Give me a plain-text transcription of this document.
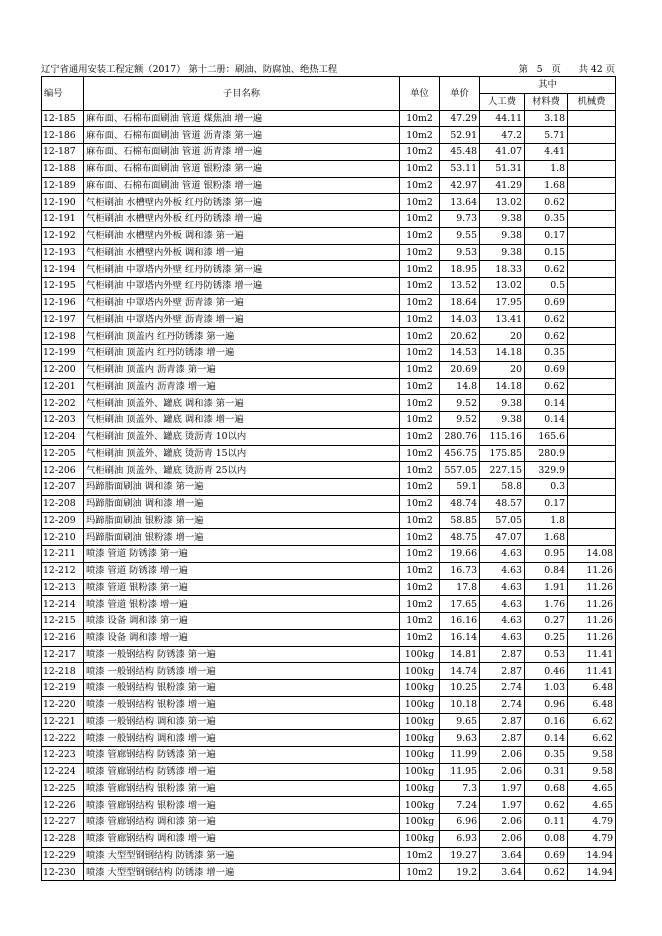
辽宁省通用安装工程定额（2017） 第十二册：刷油、防腐蚀、绝热工程	第 5 页 共 42 页
编号	子目名称	单位	单价	其中		
				人工费	材料费	机械费
12-185	麻布面、石棉布面刷油 管道 煤焦油 增一遍	10m2	47.29	44.11	3.18	
12-186	麻布面、石棉布面刷油 管道 沥青漆 第一遍	10m2	52.91	47.2	5.71	
12-187	麻布面、石棉布面刷油 管道 沥青漆 增一遍	10m2	45.48	41.07	4.41	
12-188	麻布面、石棉布面刷油 管道 银粉漆 第一遍	10m2	53.11	51.31	1.8	
12-189	麻布面、石棉布面刷油 管道 银粉漆 增一遍	10m2	42.97	41.29	1.68	
12-190	气柜刷油 水槽壁内外板 红丹防锈漆 第一遍	10m2	13.64	13.02	0.62	
12-191	气柜刷油 水槽壁内外板 红丹防锈漆 增一遍	10m2	9.73	9.38	0.35	
12-192	气柜刷油 水槽壁内外板 调和漆 第一遍	10m2	9.55	9.38	0.17	
12-193	气柜刷油 水槽壁内外板 调和漆 增一遍	10m2	9.53	9.38	0.15	
12-194	气柜刷油 中罩塔内外壁 红丹防锈漆 第一遍	10m2	18.95	18.33	0.62	
12-195	气柜刷油 中罩塔内外壁 红丹防锈漆 增一遍	10m2	13.52	13.02	0.5	
12-196	气柜刷油 中罩塔内外壁 沥青漆 第一遍	10m2	18.64	17.95	0.69	
12-197	气柜刷油 中罩塔内外壁 沥青漆 增一遍	10m2	14.03	13.41	0.62	
12-198	气柜刷油 顶盖内 红丹防锈漆 第一遍	10m2	20.62	20	0.62	
12-199	气柜刷油 顶盖内 红丹防锈漆 增一遍	10m2	14.53	14.18	0.35	
12-200	气柜刷油 顶盖内 沥青漆 第一遍	10m2	20.69	20	0.69	
12-201	气柜刷油 顶盖内 沥青漆 增一遍	10m2	14.8	14.18	0.62	
12-202	气柜刷油 顶盖外、罐底 调和漆 第一遍	10m2	9.52	9.38	0.14	
12-203	气柜刷油 顶盖外、罐底 调和漆 增一遍	10m2	9.52	9.38	0.14	
12-204	气柜刷油 顶盖外、罐底 烫沥青 10以内	10m2	280.76	115.16	165.6	
12-205	气柜刷油 顶盖外、罐底 烫沥青 15以内	10m2	456.75	175.85	280.9	
12-206	气柜刷油 顶盖外、罐底 烫沥青 25以内	10m2	557.05	227.15	329.9	
12-207	玛蹄脂面刷油 调和漆 第一遍	10m2	59.1	58.8	0.3	
12-208	玛蹄脂面刷油 调和漆 增一遍	10m2	48.74	48.57	0.17	
12-209	玛蹄脂面刷油 银粉漆 第一遍	10m2	58.85	57.05	1.8	
12-210	玛蹄脂面刷油 银粉漆 增一遍	10m2	48.75	47.07	1.68	
12-211	喷漆 管道 防锈漆 第一遍	10m2	19.66	4.63	0.95	14.08
12-212	喷漆 管道 防锈漆 增一遍	10m2	16.73	4.63	0.84	11.26
12-213	喷漆 管道 银粉漆 第一遍	10m2	17.8	4.63	1.91	11.26
12-214	喷漆 管道 银粉漆 增一遍	10m2	17.65	4.63	1.76	11.26
12-215	喷漆 设备 调和漆 第一遍	10m2	16.16	4.63	0.27	11.26
12-216	喷漆 设备 调和漆 增一遍	10m2	16.14	4.63	0.25	11.26
12-217	喷漆 一般钢结构 防锈漆 第一遍	100kg	14.81	2.87	0.53	11.41
12-218	喷漆 一般钢结构 防锈漆 增一遍	100kg	14.74	2.87	0.46	11.41
12-219	喷漆 一般钢结构 银粉漆 第一遍	100kg	10.25	2.74	1.03	6.48
12-220	喷漆 一般钢结构 银粉漆 增一遍	100kg	10.18	2.74	0.96	6.48
12-221	喷漆 一般钢结构 调和漆 第一遍	100kg	9.65	2.87	0.16	6.62
12-222	喷漆 一般钢结构 调和漆 增一遍	100kg	9.63	2.87	0.14	6.62
12-223	喷漆 管廊钢结构 防锈漆 第一遍	100kg	11.99	2.06	0.35	9.58
12-224	喷漆 管廊钢结构 防锈漆 增一遍	100kg	11.95	2.06	0.31	9.58
12-225	喷漆 管廊钢结构 银粉漆 第一遍	100kg	7.3	1.97	0.68	4.65
12-226	喷漆 管廊钢结构 银粉漆 增一遍	100kg	7.24	1.97	0.62	4.65
12-227	喷漆 管廊钢结构 调和漆 第一遍	100kg	6.96	2.06	0.11	4.79
12-228	喷漆 管廊钢结构 调和漆 增一遍	100kg	6.93	2.06	0.08	4.79
12-229	喷漆 大型型钢钢结构 防锈漆 第一遍	10m2	19.27	3.64	0.69	14.94
12-230	喷漆 大型型钢钢结构 防锈漆 增一遍	10m2	19.2	3.64	0.62	14.94
